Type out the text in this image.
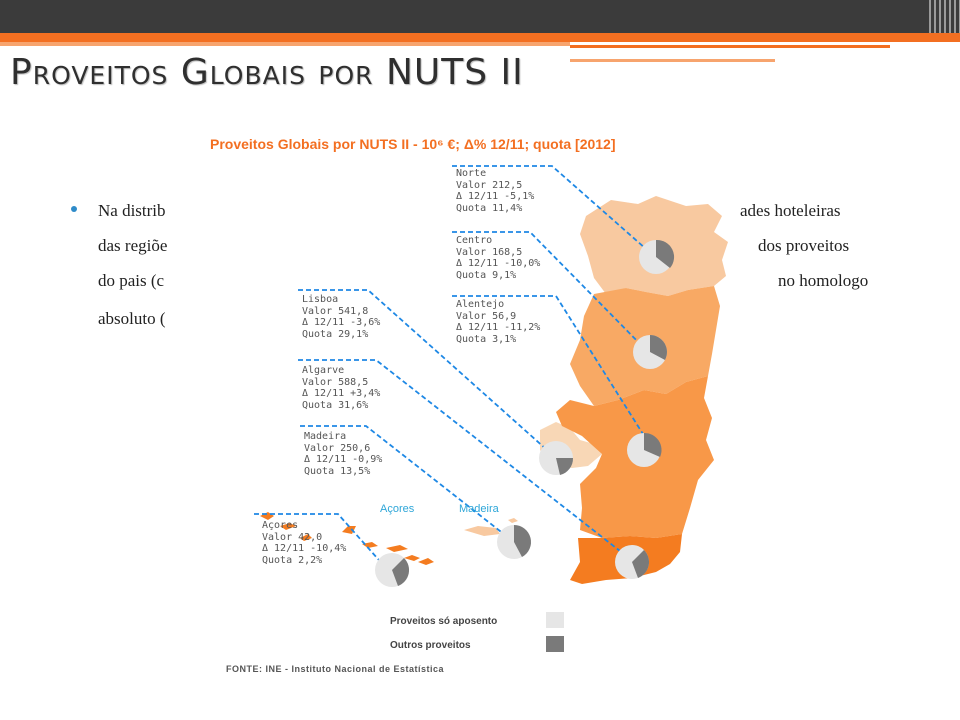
Proveitos Globais por NUTS II
Na distrib	ades hoteleiras
das regiõe	dos proveitos
do pais (c	no homologo
absoluto (
Proveitos Globais por NUTS II - 10⁶ €; Δ% 12/11; quota [2012]
Norte
Valor 212,5
Δ 12/11 -5,1%
Quota 11,4%
Centro
Valor 168,5
Δ 12/11 -10,0%
Quota 9,1%
Alentejo
Valor 56,9
Δ 12/11 -11,2%
Quota 3,1%
Lisboa
Valor 541,8
Δ 12/11 -3,6%
Quota 29,1%
Algarve
Valor 588,5
Δ 12/11 +3,4%
Quota 31,6%
Madeira
Valor 250,6
Δ 12/11 -0,9%
Quota 13,5%
Açores
Valor 42,0
Δ 12/11 -10,4%
Quota 2,2%
Açores	Madeira
Proveitos só aposento
Outros proveitos
FONTE: INE - Instituto Nacional de Estatística
